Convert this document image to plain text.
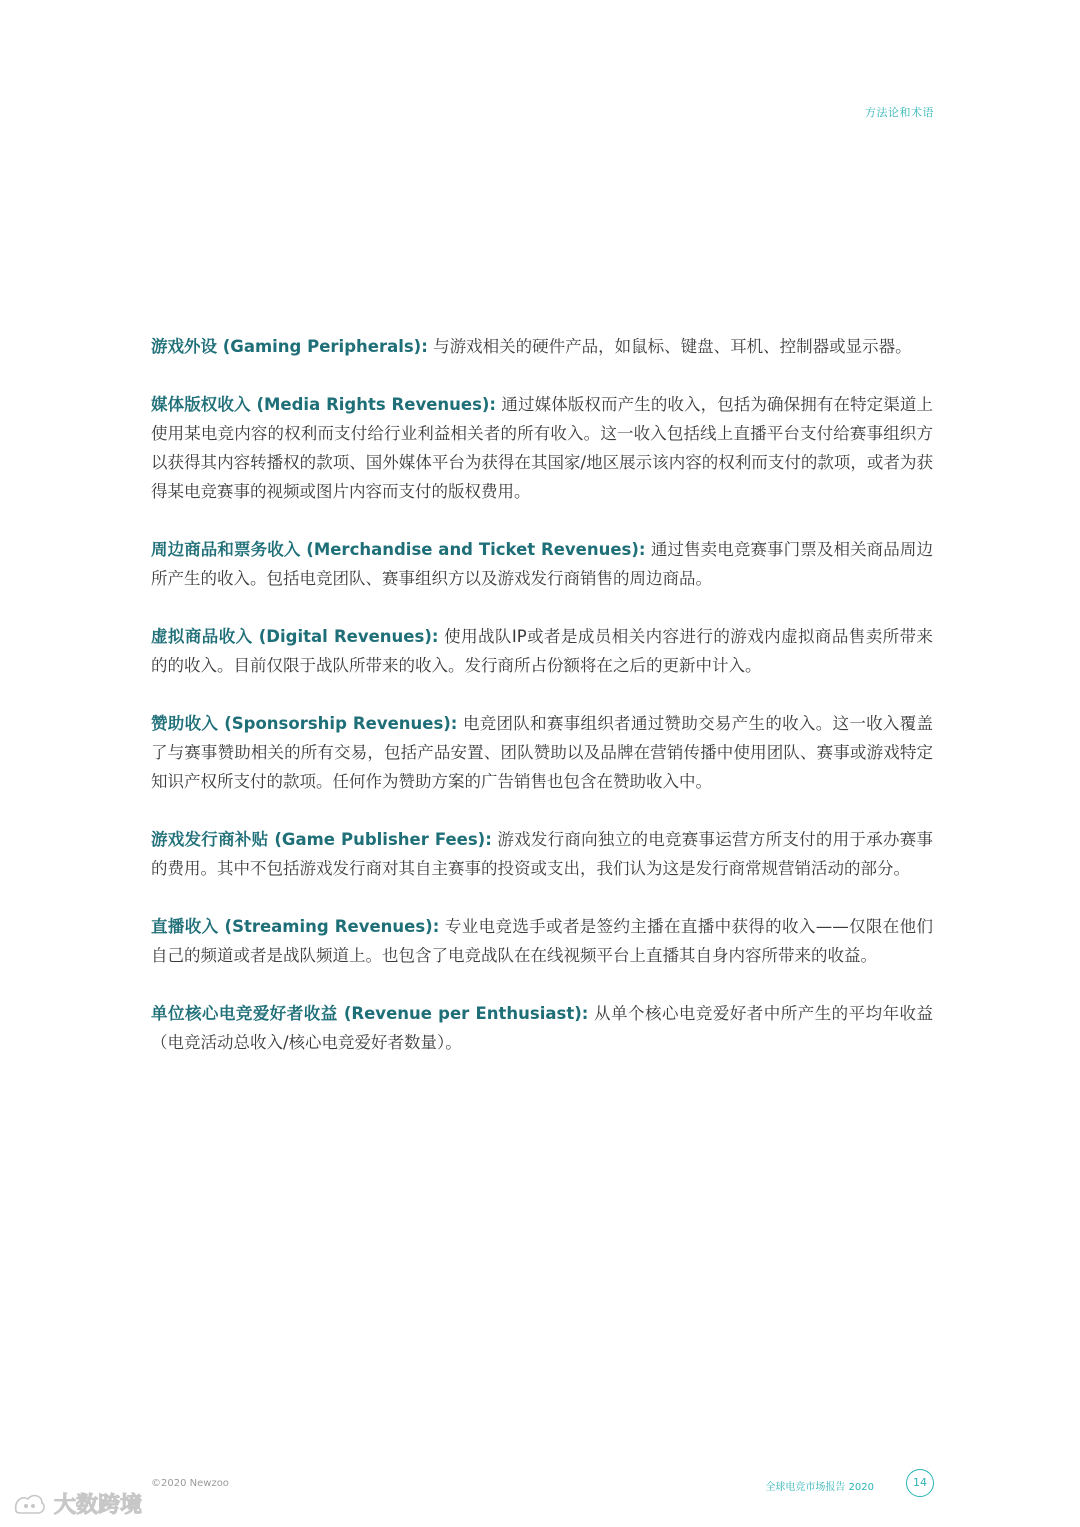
方法论和术语

游戏外设 (Gaming Peripherals): 与游戏相关的硬件产品，如鼠标、键盘、耳机、控制器或显示器。

媒体版权收入 (Media Rights Revenues): 通过媒体版权而产生的收入，包括为确保拥有在特定渠道上使用某电竞内容的权利而支付给行业利益相关者的所有收入。这一收入包括线上直播平台支付给赛事组织方以获得其内容转播权的款项、国外媒体平台为获得在其国家/地区展示该内容的权利而支付的款项，或者为获得某电竞赛事的视频或图片内容而支付的版权费用。

周边商品和票务收入 (Merchandise and Ticket Revenues): 通过售卖电竞赛事门票及相关商品周边所产生的收入。包括电竞团队、赛事组织方以及游戏发行商销售的周边商品。

虚拟商品收入 (Digital Revenues): 使用战队IP或者是成员相关内容进行的游戏内虚拟商品售卖所带来的的收入。目前仅限于战队所带来的收入。发行商所占份额将在之后的更新中计入。

赞助收入 (Sponsorship Revenues): 电竞团队和赛事组织者通过赞助交易产生的收入。这一收入覆盖了与赛事赞助相关的所有交易，包括产品安置、团队赞助以及品牌在营销传播中使用团队、赛事或游戏特定知识产权所支付的款项。任何作为赞助方案的广告销售也包含在赞助收入中。

游戏发行商补贴 (Game Publisher Fees): 游戏发行商向独立的电竞赛事运营方所支付的用于承办赛事的费用。其中不包括游戏发行商对其自主赛事的投资或支出，我们认为这是发行商常规营销活动的部分。

直播收入 (Streaming Revenues): 专业电竞选手或者是签约主播在直播中获得的收入——仅限在他们自己的频道或者是战队频道上。也包含了电竞战队在在线视频平台上直播其自身内容所带来的收益。

单位核心电竞爱好者收益 (Revenue per Enthusiast): 从单个核心电竞爱好者中所产生的平均年收益（电竞活动总收入/核心电竞爱好者数量）。

©2020 Newzoo	全球电竞市场报告 2020	14
大数跨境
